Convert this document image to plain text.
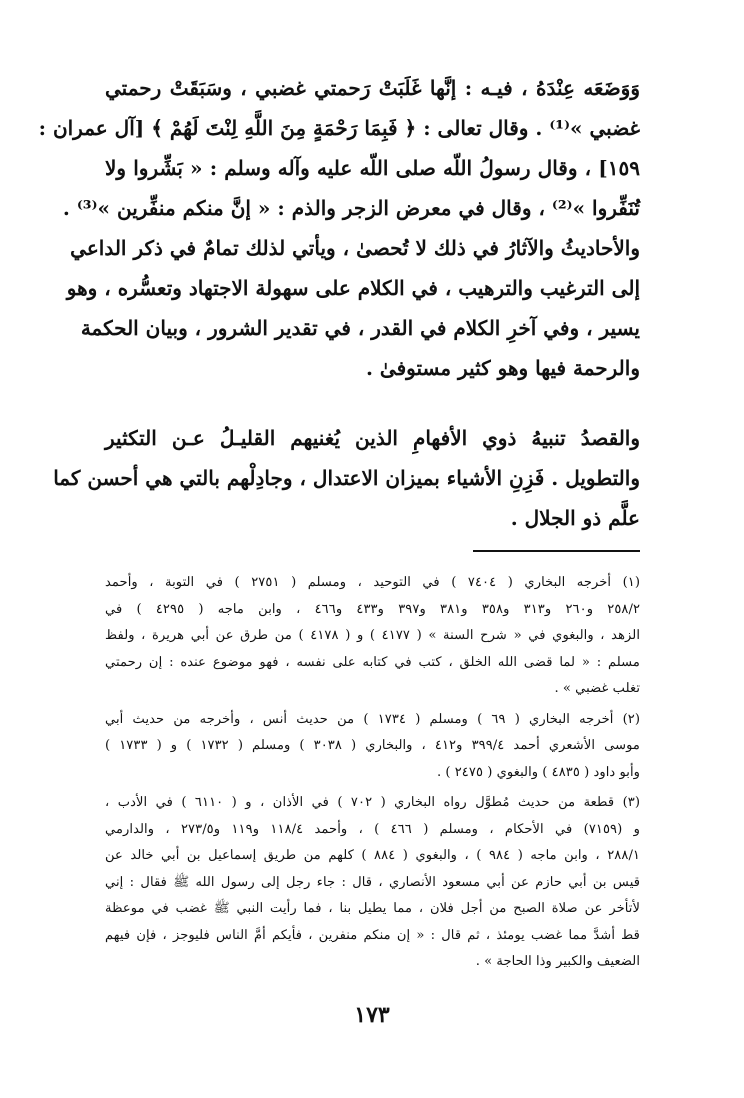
وَوَضَعَه عِنْدَهُ ، فيـه : إنَّها غَلَبَتْ رَحمتي غضبي ، وسَبَقَتْ رحمتي
غضبي »⁽¹⁾ . وقال تعالى : ﴿ فَبِمَا رَحْمَةٍ مِنَ اللَّهِ لِنْتَ لَهُمْ ﴾ [آل عمران :
١٥٩] ، وقال رسولُ اللّه صلى اللّه عليه وآله وسلم : « بَشِّروا ولا
تُنَفِّروا »⁽²⁾ ، وقال في معرض الزجر والذم : « إنَّ منكم منفِّرين »⁽³⁾ .
والأحاديثُ والآثارُ في ذلك لا تُحصىٰ ، ويأتي لذلك تمامٌ في ذكر الداعي
إلى الترغيب والترهيب ، في الكلام على سهولة الاجتهاد وتعسُّره ، وهو
يسير ، وفي آخرِ الكلام في القدر ، في تقدير الشرور ، وبيان الحكمة
والرحمة فيها وهو كثير مستوفىٰ .
والقصدُ تنبيهُ ذوي الأفهامِ الذين يُغنيهم القليـلُ عـن التكثير
والتطويل . فَزِنِ الأشياء بميزان الاعتدال ، وجادِلْهم بالتي هي أحسن كما
علَّم ذو الجلال .
(١) أخرجه البخاري ( ٧٤٠٤ ) في التوحيد ، ومسلم ( ٢٧٥١ ) في التوبة ، وأحمد
٢٥٨/٢ و٢٦٠ و٣١٣ و٣٥٨ و٣٨١ و٣٩٧ و٤٣٣ و٤٦٦ ، وابن ماجه ( ٤٢٩٥ ) في
الزهد ، والبغوي في « شرح السنة » ( ٤١٧٧ ) و ( ٤١٧٨ ) من طرق عن أبي هريرة ، ولفظ
مسلم : « لما قضى الله الخلق ، كتب في كتابه على نفسه ، فهو موضوع عنده : إن رحمتي
تغلب غضبي » .
(٢) أخرجه البخاري ( ٦٩ ) ومسلم ( ١٧٣٤ ) من حديث أنس ، وأخرجه من حديث أبي
موسى الأشعري أحمد ٣٩٩/٤ و٤١٢ ، والبخاري ( ٣٠٣٨ ) ومسلم ( ١٧٣٢ ) و ( ١٧٣٣ )
وأبو داود ( ٤٨٣٥ ) والبغوي ( ٢٤٧٥ ) .
(٣) قطعة من حديث مُطوَّل رواه البخاري ( ٧٠٢ ) في الأذان ، و ( ٦١١٠ ) في الأدب ،
و (٧١٥٩) في الأحكام ، ومسلم ( ٤٦٦ ) ، وأحمد ١١٨/٤ و١١٩ و٢٧٣/٥ ، والدارمي
٢٨٨/١ ، وابن ماجه ( ٩٨٤ ) ، والبغوي ( ٨٨٤ ) كلهم من طريق إسماعيل بن أبي خالد عن
قيس بن أبي حازم عن أبي مسعود الأنصاري ، قال : جاء رجل إلى رسول الله ﷺ فقال : إني
لأتأخر عن صلاة الصبح من أجل فلان ، مما يطيل بنا ، فما رأيت النبي ﷺ غضب في موعظة
قط أشدَّ مما غضب يومئذ ، ثم قال : « إن منكم منفرين ، فأيكم أمَّ الناس فليوجز ، فإن فيهم
الضعيف والكبير وذا الحاجة » .
١٧٣
